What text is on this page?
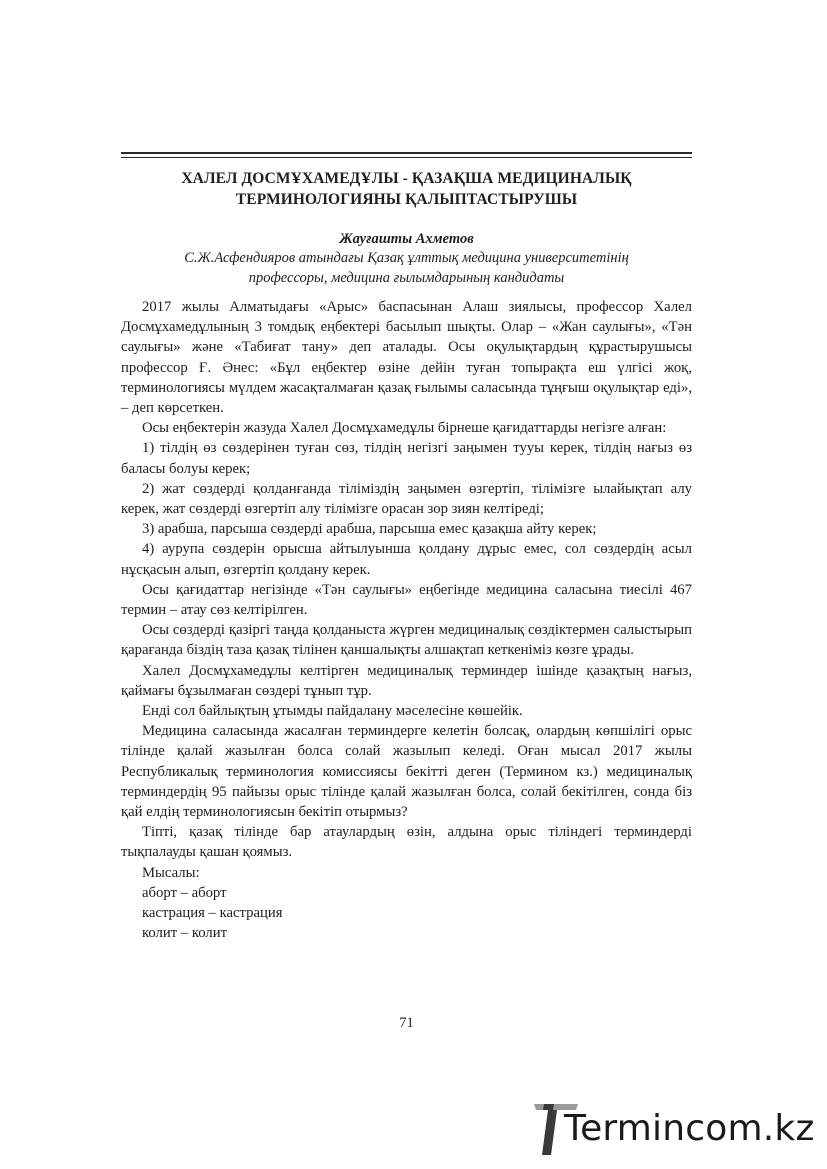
ХАЛЕЛ ДОСМҰХАМЕДҰЛЫ - ҚАЗАҚША МЕДИЦИНАЛЫҚ
ТЕРМИНОЛОГИЯНЫ ҚАЛЫПТАСТЫРУШЫ
Жауғашты Ахметов
С.Ж.Асфендияров атындағы Қазақ ұлттық медицина университетінің
профессоры, медицина ғылымдарының кандидаты

2017 жылы Алматыдағы «Арыс» баспасынан Алаш зиялысы, профессор Халел Досмұхамедұлының 3 томдық еңбектері басылып шықты. Олар – «Жан саулығы», «Тән саулығы» және «Табиғат тану» деп аталады. Осы оқулықтардың құрастырушысы профессор Ғ. Әнес: «Бұл еңбектер өзіне дейін туған топырақта еш үлгісі жоқ, терминологиясы мүлдем жасақталмаған қазақ ғылымы саласында тұңғыш оқулықтар еді», – деп көрсеткен.

Осы еңбектерін жазуда Халел Досмұхамедұлы бірнеше қағидаттарды негізге алған:

1) тілдің өз сөздерінен туған сөз, тілдің негізгі заңымен тууы керек, тілдің нағыз өз баласы болуы керек;

2) жат сөздерді қолданғанда тіліміздің заңымен өзгертіп, тілімізге ылайықтап алу керек, жат сөздерді өзгертіп алу тілімізге орасан зор зиян келтіреді;

3) арабша, парсыша сөздерді арабша, парсыша емес қазақша айту керек;

4) аурупа сөздерін орысша айтылуынша қолдану дұрыс емес, сол сөздердің асыл нұсқасын алып, өзгертіп қолдану керек.

Осы қағидаттар негізінде «Тән саулығы» еңбегінде медицина саласына тиесілі 467 термин – атау сөз келтірілген.

Осы сөздерді қазіргі таңда қолданыста жүрген медициналық сөздіктермен салыстырып қарағанда біздің таза қазақ тілінен қаншалықты алшақтап кеткеніміз көзге ұрады.

Халел Досмұхамедұлы келтірген медициналық терминдер ішінде қазақтың нағыз, қаймағы бұзылмаған сөздері тұнып тұр.

Енді сол байлықтың ұтымды пайдалану мәселесіне көшейік.

Медицина саласында жасалған терминдерге келетін болсақ, олардың көпшілігі орыс тілінде қалай жазылған болса солай жазылып келеді. Оған мысал 2017 жылы Республикалық терминология комиссиясы бекітті деген (Термином кз.) медициналық терминдердің 95 пайызы орыс тілінде қалай жазылған болса, солай бекітілген, сонда біз қай елдің терминологиясын бекітіп отырмыз?

Тіпті, қазақ тілінде бар атаулардың өзін, алдына орыс тіліндегі терминдерді тықпалауды қашан қоямыз.

Мысалы:

аборт – аборт

кастрация – кастрация

колит – колит

71
Termincom.kz
